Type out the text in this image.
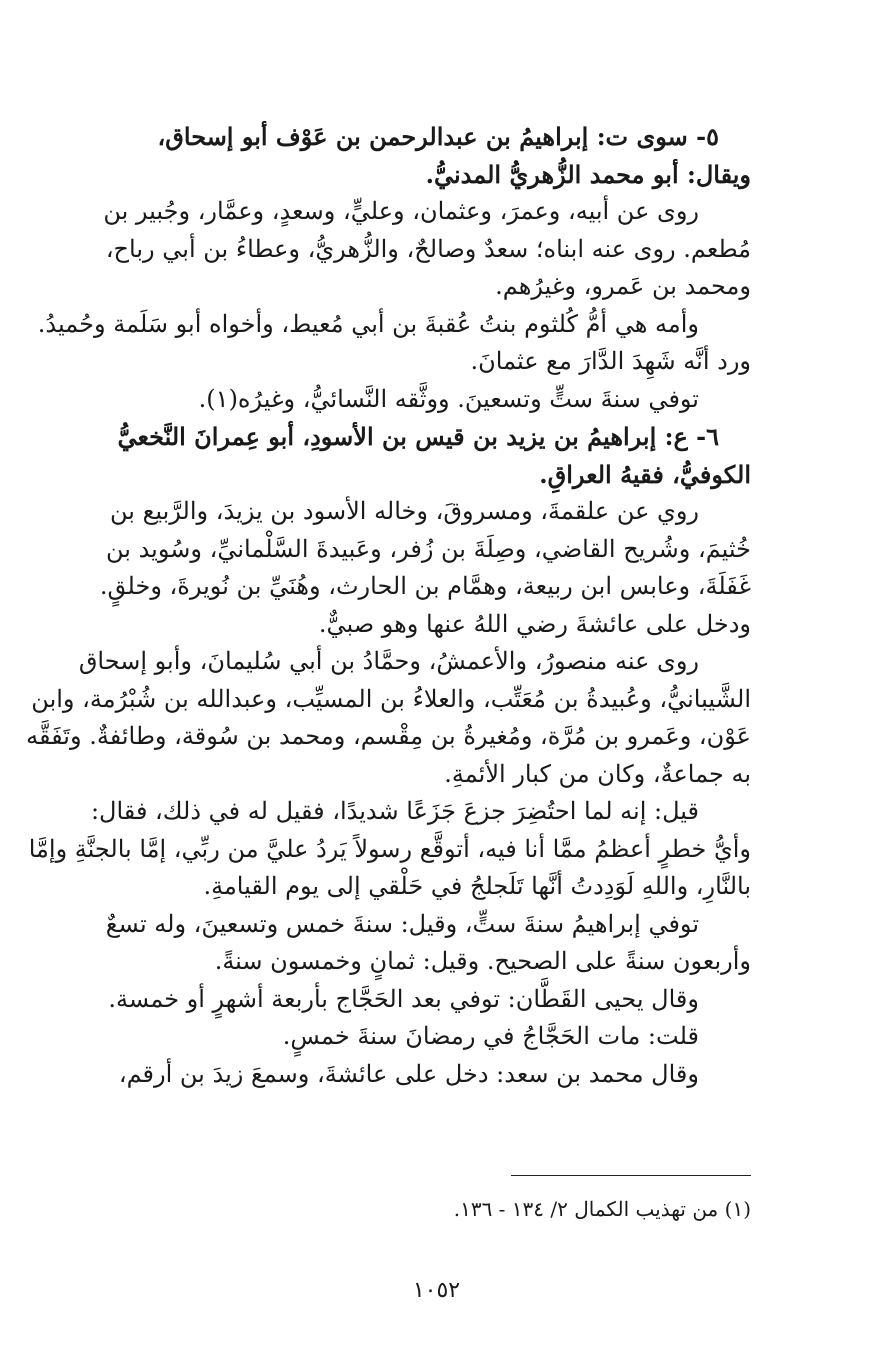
٥- سوى ت: إبراهيمُ بن عبدالرحمن بن عَوْف أبو إسحاق،
ويقال: أبو محمد الزُّهريُّ المدنيُّ.
روى عن أبيه، وعمرَ، وعثمان، وعليٍّ، وسعدٍ، وعمَّار، وجُبير بن
مُطعم. روى عنه ابناه؛ سعدٌ وصالحٌ، والزُّهريُّ، وعطاءُ بن أبي رباح،
ومحمد بن عَمرو، وغيرُهم.
وأمه هي أمُّ كُلثوم بنتُ عُقبةَ بن أبي مُعيط، وأخواه أبو سَلَمة وحُميدُ.
ورد أنَّه شَهِدَ الدَّارَ مع عثمانَ.
توفي سنةَ ستٍّ وتسعينَ. ووثَّقه النَّسائيُّ، وغيرُه(١).
٦- ع: إبراهيمُ بن يزيد بن قيس بن الأسودِ، أبو عِمرانَ النَّخعيُّ
الكوفيُّ، فقيهُ العراقِ.
روي عن علقمةَ، ومسروقَ، وخاله الأسود بن يزيدَ، والرَّبيع بن
خُثيمَ، وشُريح القاضي، وصِلَةَ بن زُفر، وعَبيدةَ السَّلْمانيِّ، وسُويد بن
غَفَلَةَ، وعابس ابن ربيعة، وهمَّام بن الحارث، وهُنَيِّ بن نُويرةَ، وخلقٍ.
ودخل على عائشةَ رضي اللهُ عنها وهو صبيٌّ.
روى عنه منصورُ، والأعمشُ، وحمَّادُ بن أبي سُليمانَ، وأبو إسحاق
الشَّيبانيُّ، وعُبيدةُ بن مُعَتِّب، والعلاءُ بن المسيِّب، وعبدالله بن شُبْرُمة، وابن
عَوْن، وعَمرو بن مُرَّة، ومُغيرةُ بن مِقْسم، ومحمد بن سُوقة، وطائفةٌ. وتَفَقَّه
به جماعةٌ، وكان من كبار الأئمةِ.
قيل: إنه لما احتُضِرَ جزعَ جَزَعًا شديدًا، فقيل له في ذلك، فقال:
وأيُّ خطرٍ أعظمُ ممَّا أنا فيه، أتوقَّع رسولاً يَردُ عليَّ من ربِّي، إمَّا بالجنَّةِ وإمَّا
بالنَّارِ، واللهِ لَوَدِدتُ أنَّها تَلَجلجُ في حَلْقي إلى يوم القيامةِ.
توفي إبراهيمُ سنةَ ستٍّ، وقيل: سنةَ خمس وتسعينَ، وله تسعٌ
وأربعون سنةً على الصحيح. وقيل: ثمانٍ وخمسون سنةً.
وقال يحيى القَطَّان: توفي بعد الحَجَّاج بأربعة أشهرٍ أو خمسة.
قلت: مات الحَجَّاجُ في رمضانَ سنةَ خمسٍ.
وقال محمد بن سعد: دخل على عائشةَ، وسمعَ زيدَ بن أرقم،
(١) من تهذيب الكمال ٢/ ١٣٤ - ١٣٦.
١٠٥٢
